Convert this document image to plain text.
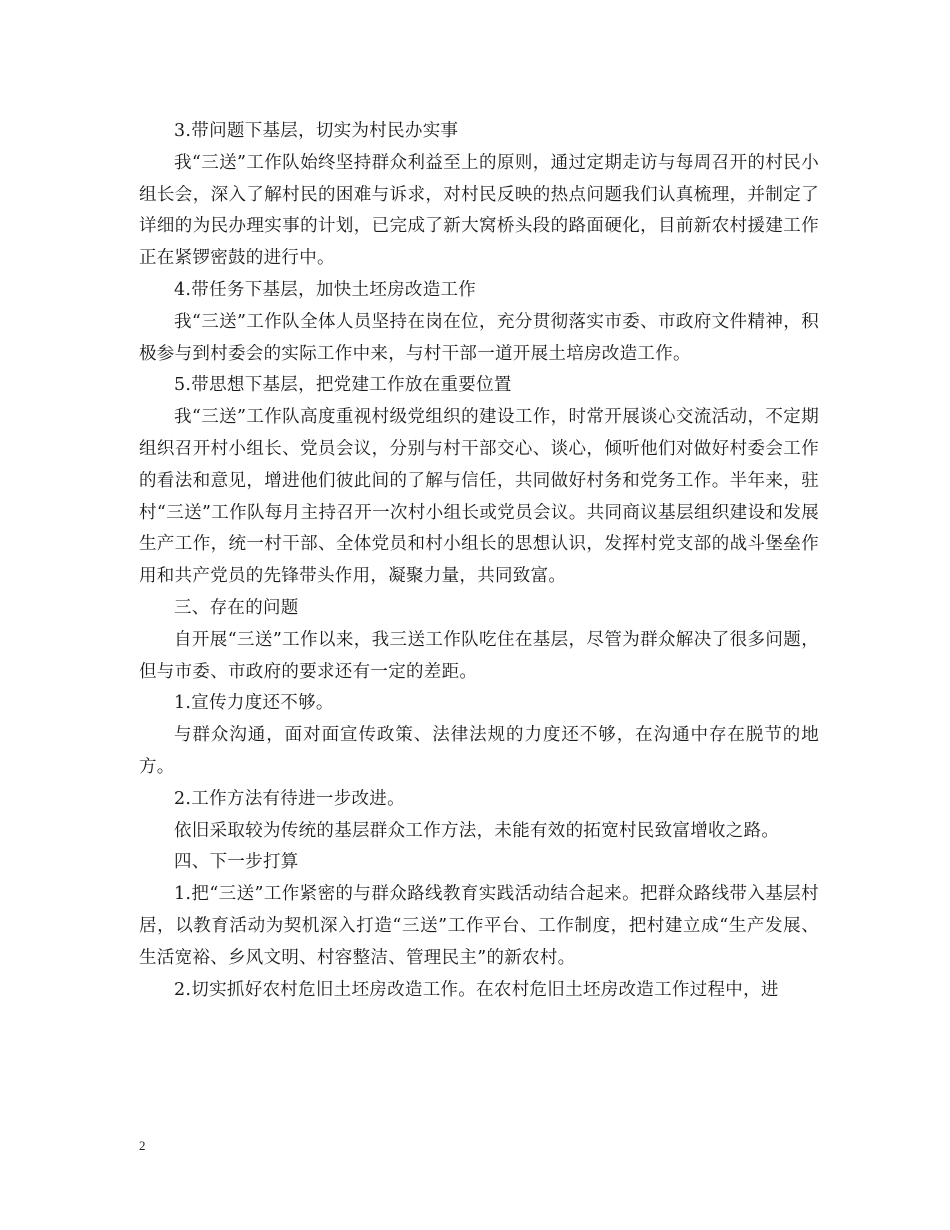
3.带问题下基层，切实为村民办实事

我“三送”工作队始终坚持群众利益至上的原则，通过定期走访与每周召开的村民小组长会，深入了解村民的困难与诉求，对村民反映的热点问题我们认真梳理，并制定了详细的为民办理实事的计划，已完成了新大窝桥头段的路面硬化，目前新农村援建工作正在紧锣密鼓的进行中。

4.带任务下基层，加快土坯房改造工作

我“三送”工作队全体人员坚持在岗在位，充分贯彻落实市委、市政府文件精神，积极参与到村委会的实际工作中来，与村干部一道开展土培房改造工作。

5.带思想下基层，把党建工作放在重要位置

我“三送”工作队高度重视村级党组织的建设工作，时常开展谈心交流活动，不定期组织召开村小组长、党员会议，分别与村干部交心、谈心，倾听他们对做好村委会工作的看法和意见，增进他们彼此间的了解与信任，共同做好村务和党务工作。半年来，驻村“三送”工作队每月主持召开一次村小组长或党员会议。共同商议基层组织建设和发展生产工作，统一村干部、全体党员和村小组长的思想认识，发挥村党支部的战斗堡垒作用和共产党员的先锋带头作用，凝聚力量，共同致富。

三、存在的问题

自开展“三送”工作以来，我三送工作队吃住在基层，尽管为群众解决了很多问题，但与市委、市政府的要求还有一定的差距。

1.宣传力度还不够。

与群众沟通，面对面宣传政策、法律法规的力度还不够，在沟通中存在脱节的地方。

2.工作方法有待进一步改进。

依旧采取较为传统的基层群众工作方法，未能有效的拓宽村民致富增收之路。

四、下一步打算

1.把“三送”工作紧密的与群众路线教育实践活动结合起来。把群众路线带入基层村居，以教育活动为契机深入打造“三送”工作平台、工作制度，把村建立成“生产发展、生活宽裕、乡风文明、村容整洁、管理民主”的新农村。

2.切实抓好农村危旧土坯房改造工作。在农村危旧土坯房改造工作过程中，进

2
